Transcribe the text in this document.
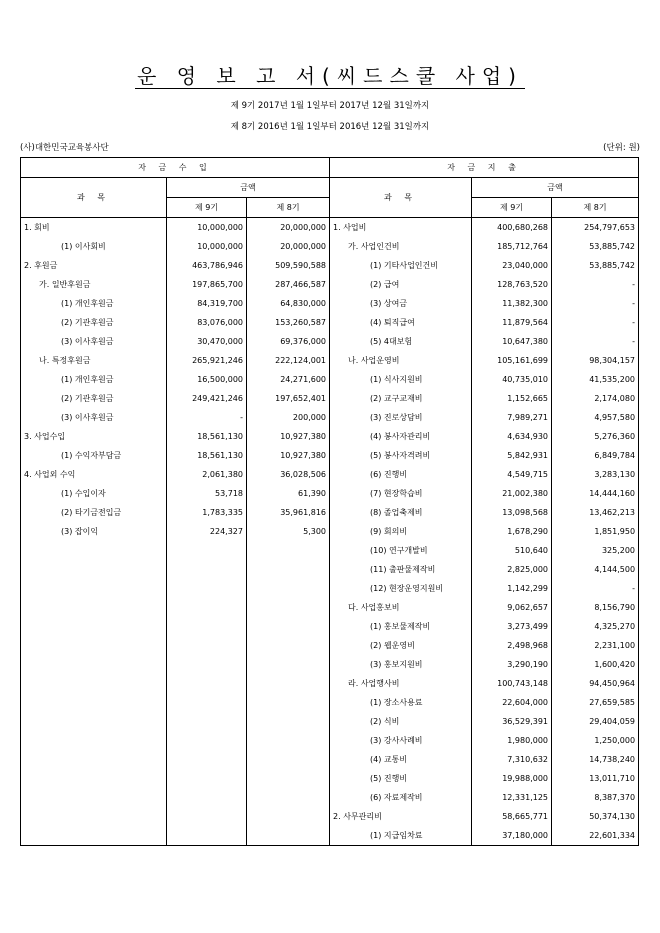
운 영 보 고 서(씨드스쿨 사업)
제 9기 2017년 1월 1일부터 2017년 12월 31일까지
제 8기 2016년 1월 1일부터 2016년 12월 31일까지
(사)대한민국교육봉사단	(단위: 원)
자 금 수 입			자 금 지 출		
과 목	금액		과 목	금액	
	제 9기	제 8기		제 9기	제 8기
1. 회비	10,000,000	20,000,000	1. 사업비	400,680,268	254,797,653
(1) 이사회비	10,000,000	20,000,000	가. 사업인건비	185,712,764	53,885,742
2. 후원금	463,786,946	509,590,588	(1) 기타사업인건비	23,040,000	53,885,742
가. 일반후원금	197,865,700	287,466,587	(2) 급여	128,763,520	-
(1) 개인후원금	84,319,700	64,830,000	(3) 상여금	11,382,300	-
(2) 기관후원금	83,076,000	153,260,587	(4) 퇴직급여	11,879,564	-
(3) 이사후원금	30,470,000	69,376,000	(5) 4대보험	10,647,380	-
나. 특정후원금	265,921,246	222,124,001	나. 사업운영비	105,161,699	98,304,157
(1) 개인후원금	16,500,000	24,271,600	(1) 식사지원비	40,735,010	41,535,200
(2) 기관후원금	249,421,246	197,652,401	(2) 교구교재비	1,152,665	2,174,080
(3) 이사후원금	-	200,000	(3) 진로상담비	7,989,271	4,957,580
3. 사업수입	18,561,130	10,927,380	(4) 봉사자관리비	4,634,930	5,276,360
(1) 수익자부담금	18,561,130	10,927,380	(5) 봉사자격려비	5,842,931	6,849,784
4. 사업외 수익	2,061,380	36,028,506	(6) 진행비	4,549,715	3,283,130
(1) 수입이자	53,718	61,390	(7) 현장학습비	21,002,380	14,444,160
(2) 타기금전입금	1,783,335	35,961,816	(8) 졸업축제비	13,098,568	13,462,213
(3) 잡이익	224,327	5,300	(9) 회의비	1,678,290	1,851,950
			(10) 연구개발비	510,640	325,200
			(11) 출판물제작비	2,825,000	4,144,500
			(12) 현장운영지원비	1,142,299	-
			다. 사업홍보비	9,062,657	8,156,790
			(1) 홍보물제작비	3,273,499	4,325,270
			(2) 웹운영비	2,498,968	2,231,100
			(3) 홍보지원비	3,290,190	1,600,420
			라. 사업행사비	100,743,148	94,450,964
			(1) 장소사용료	22,604,000	27,659,585
			(2) 식비	36,529,391	29,404,059
			(3) 강사사례비	1,980,000	1,250,000
			(4) 교통비	7,310,632	14,738,240
			(5) 진행비	19,988,000	13,011,710
			(6) 자료제작비	12,331,125	8,387,370
			2. 사무관리비	58,665,771	50,374,130
			(1) 지급임차료	37,180,000	22,601,334
